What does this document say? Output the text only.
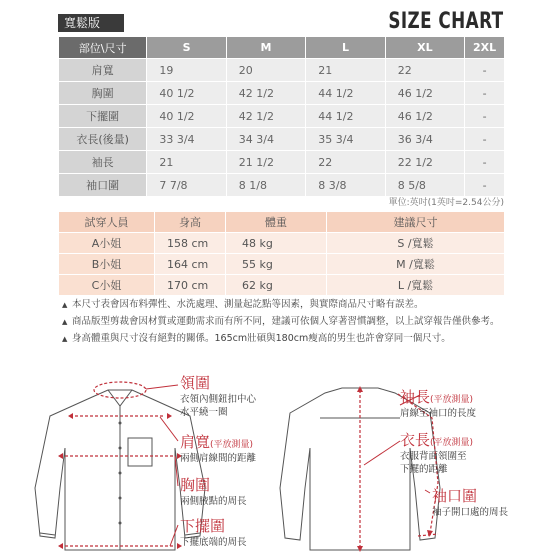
寬鬆版	SIZE CHART
部位\尺寸	S	M	L	XL	2XL
肩寬	19	20	21	22	-
胸圍	40 1/2	42 1/2	44 1/2	46 1/2	-
下擺圍	40 1/2	42 1/2	44 1/2	46 1/2	-
衣長(後量)	33 3/4	34 3/4	35 3/4	36 3/4	-
袖長	21	21 1/2	22	22 1/2	-
袖口圍	7 7/8	8 1/8	8 3/8	8 5/8	-
單位:英吋(1英吋=2.54公分)
試穿人員	身高	體重	建議尺寸
A小姐	158 cm	48 kg	S /寬鬆
B小姐	164 cm	55 kg	M /寬鬆
C小姐	170 cm	62 kg	L /寬鬆
▲ 本尺寸表會因布料彈性、水洗處理、測量起訖點等因素，與實際商品尺寸略有誤差。
▲ 商品版型剪裁會因材質或運動需求而有所不同，建議可依個人穿著習慣調整，以上試穿報告僅供參考。
▲ 身高體重與尺寸沒有絕對的關係。165cm壯碩與180cm瘦高的男生也許會穿同一個尺寸。
領圍
衣領內側鈕扣中心
水平繞一圈
肩寬(平放測量)
兩側肩線間的距離
胸圍
兩側腋點的周長
下擺圍
下擺底端的周長
袖長(平放測量)
肩線至袖口的長度
衣長(平放測量)
衣服背面領圍至
下擺的距離
袖口圍
袖子開口處的周長
